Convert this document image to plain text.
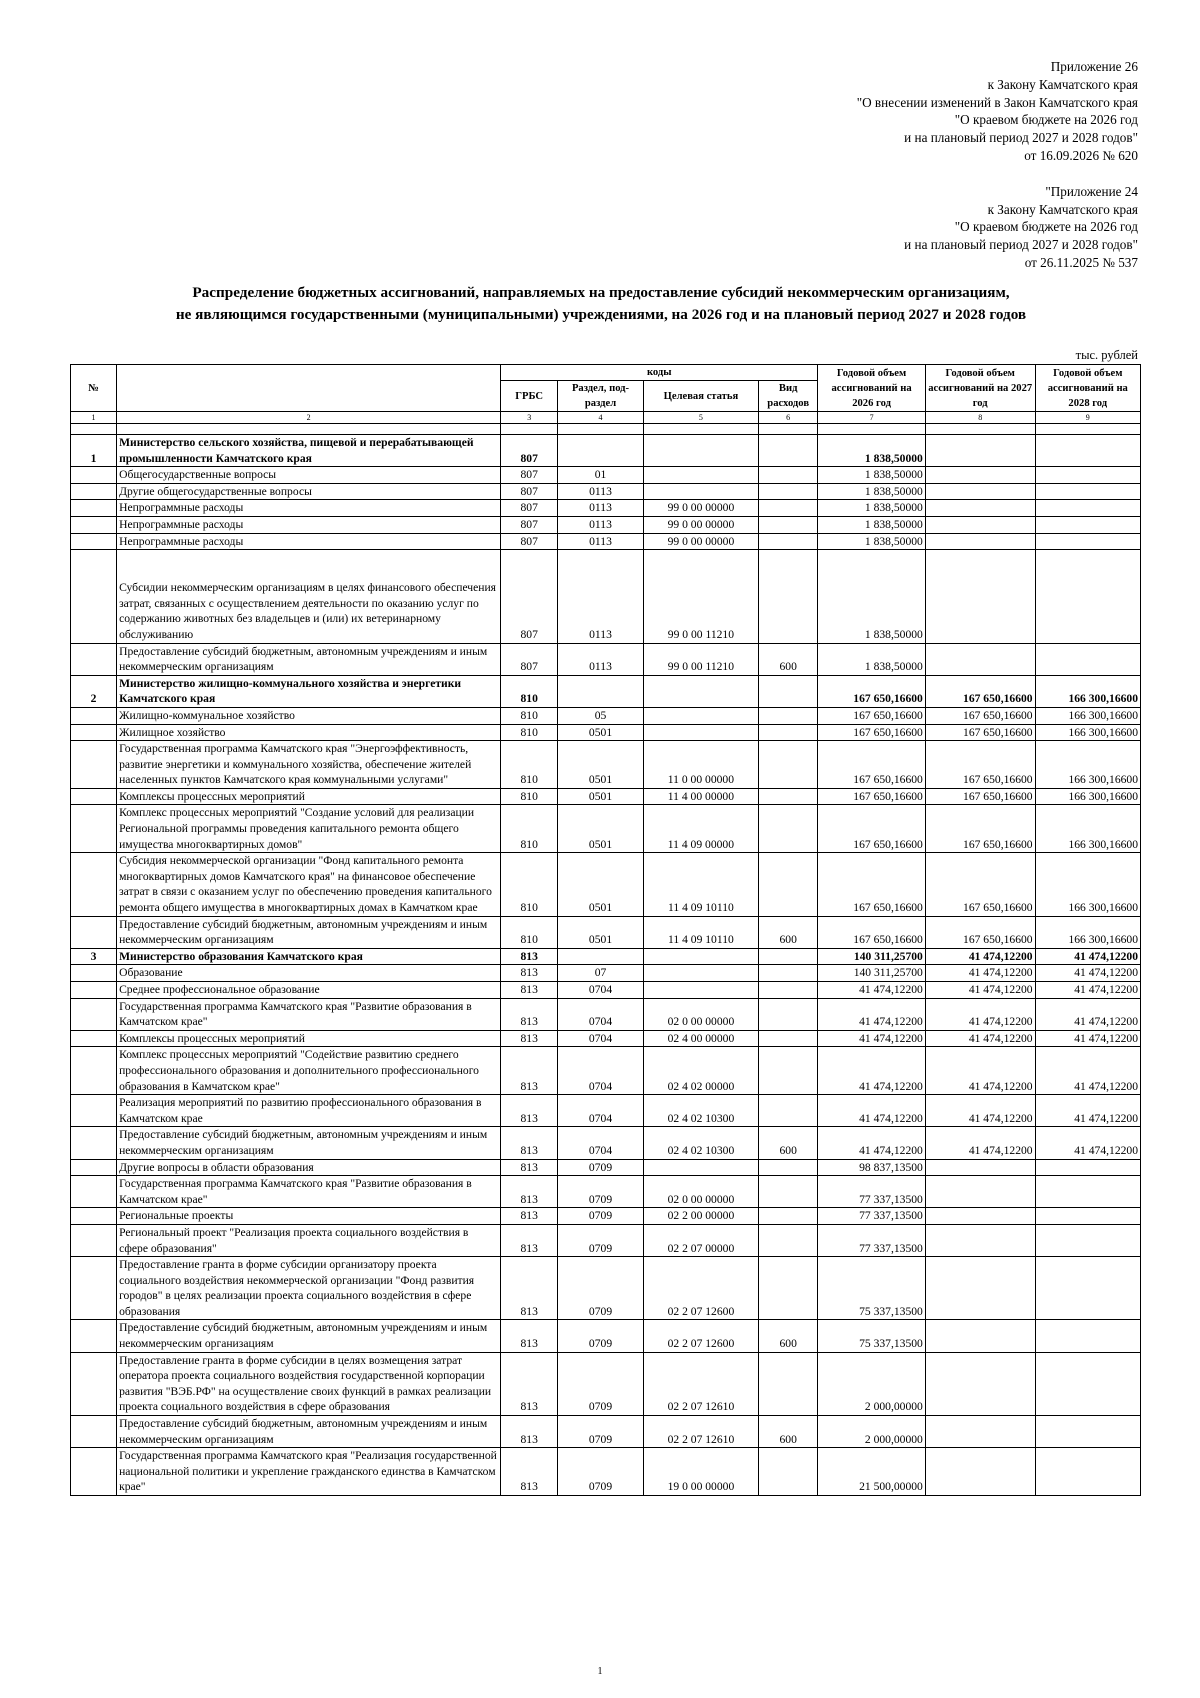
Приложение 26
к Закону Камчатского края
"О внесении изменений в Закон Камчатского края
"О краевом бюджете на 2026 год
и на плановый период 2027 и 2028 годов"
от 16.09.2026 № 620
"Приложение 24
к Закону Камчатского края
"О краевом бюджете на 2026 год
и на плановый период 2027 и 2028 годов"
от 26.11.2025 № 537
Распределение бюджетных ассигнований, направляемых на предоставление субсидий некоммерческим организациям,
не являющимся государственными (муниципальными) учреждениями, на 2026 год и на плановый период 2027 и 2028 годов
тыс. рублей
№		коды				Годовой объем ассигнований на 2026 год	Годовой объем ассигнований на 2027 год	Годовой объем ассигнований на 2028 год
		ГРБС	Раздел, под-раздел	Целевая статья	Вид расходов			
1	2	3	4	5	6	7	8	9

1	Министерство сельского хозяйства, пищевой и перерабатывающей промышленности Камчатского края	807				1 838,50000		
	Общегосударственные вопросы	807	01			1 838,50000		
	Другие общегосударственные вопросы	807	0113			1 838,50000		
	Непрограммные расходы	807	0113	99 0 00 00000		1 838,50000		
	Непрограммные расходы	807	0113	99 0 00 00000		1 838,50000		
	Непрограммные расходы	807	0113	99 0 00 00000		1 838,50000		
	Субсидии некоммерческим организациям в целях финансового обеспечения затрат, связанных с осуществлением деятельности по оказанию услуг по содержанию животных без владельцев и (или) их ветеринарному обслуживанию	807	0113	99 0 00 11210		1 838,50000		
	Предоставление субсидий бюджетным, автономным учреждениям и иным некоммерческим организациям	807	0113	99 0 00 11210	600	1 838,50000		
2	Министерство жилищно-коммунального хозяйства и энергетики Камчатского края	810				167 650,16600	167 650,16600	166 300,16600
	Жилищно-коммунальное хозяйство	810	05			167 650,16600	167 650,16600	166 300,16600
	Жилищное хозяйство	810	0501			167 650,16600	167 650,16600	166 300,16600
	Государственная программа Камчатского края "Энергоэффективность, развитие энергетики и коммунального хозяйства, обеспечение жителей населенных пунктов Камчатского края коммунальными услугами"	810	0501	11 0 00 00000		167 650,16600	167 650,16600	166 300,16600
	Комплексы процессных мероприятий	810	0501	11 4 00 00000		167 650,16600	167 650,16600	166 300,16600
	Комплекс процессных мероприятий "Создание условий для реализации Региональной программы проведения капитального ремонта общего имущества многоквартирных домов"	810	0501	11 4 09 00000		167 650,16600	167 650,16600	166 300,16600
	Субсидия некоммерческой организации "Фонд капитального ремонта многоквартирных домов Камчатского края" на финансовое обеспечение затрат в связи с оказанием услуг по обеспечению проведения капитального ремонта общего имущества в многоквартирных домах в Камчатком крае	810	0501	11 4 09 10110		167 650,16600	167 650,16600	166 300,16600
	Предоставление субсидий бюджетным, автономным учреждениям и иным некоммерческим организациям	810	0501	11 4 09 10110	600	167 650,16600	167 650,16600	166 300,16600
3	Министерство образования Камчатского края	813				140 311,25700	41 474,12200	41 474,12200
	Образование	813	07			140 311,25700	41 474,12200	41 474,12200
	Среднее профессиональное образование	813	0704			41 474,12200	41 474,12200	41 474,12200
	Государственная программа Камчатского края "Развитие образования в Камчатском крае"	813	0704	02 0 00 00000		41 474,12200	41 474,12200	41 474,12200
	Комплексы процессных мероприятий	813	0704	02 4 00 00000		41 474,12200	41 474,12200	41 474,12200
	Комплекс процессных мероприятий "Содействие развитию среднего профессионального образования и дополнительного профессионального образования в Камчатском крае"	813	0704	02 4 02 00000		41 474,12200	41 474,12200	41 474,12200
	Реализация мероприятий по развитию профессионального образования в Камчатском крае	813	0704	02 4 02 10300		41 474,12200	41 474,12200	41 474,12200
	Предоставление субсидий бюджетным, автономным учреждениям и иным некоммерческим организациям	813	0704	02 4 02 10300	600	41 474,12200	41 474,12200	41 474,12200
	Другие вопросы в области образования	813	0709			98 837,13500		
	Государственная программа Камчатского края "Развитие образования в Камчатском крае"	813	0709	02 0 00 00000		77 337,13500		
	Региональные проекты	813	0709	02 2 00 00000		77 337,13500		
	Региональный проект "Реализация проекта социального воздействия в сфере образования"	813	0709	02 2 07 00000		77 337,13500		
	Предоставление гранта в форме субсидии организатору проекта социального воздействия некоммерческой организации "Фонд развития городов" в целях реализации проекта социального воздействия в сфере образования	813	0709	02 2 07 12600		75 337,13500		
	Предоставление субсидий бюджетным, автономным учреждениям и иным некоммерческим организациям	813	0709	02 2 07 12600	600	75 337,13500		
	Предоставление гранта в форме субсидии в целях возмещения затрат оператора проекта социального воздействия государственной корпорации развития "ВЭБ.РФ" на осуществление своих функций в рамках реализации проекта социального воздействия в сфере образования	813	0709	02 2 07 12610		2 000,00000		
	Предоставление субсидий бюджетным, автономным учреждениям и иным некоммерческим организациям	813	0709	02 2 07 12610	600	2 000,00000		
	Государственная программа Камчатского края "Реализация государственной национальной политики и укрепление гражданского единства в Камчатском крае"	813	0709	19 0 00 00000		21 500,00000		
1
